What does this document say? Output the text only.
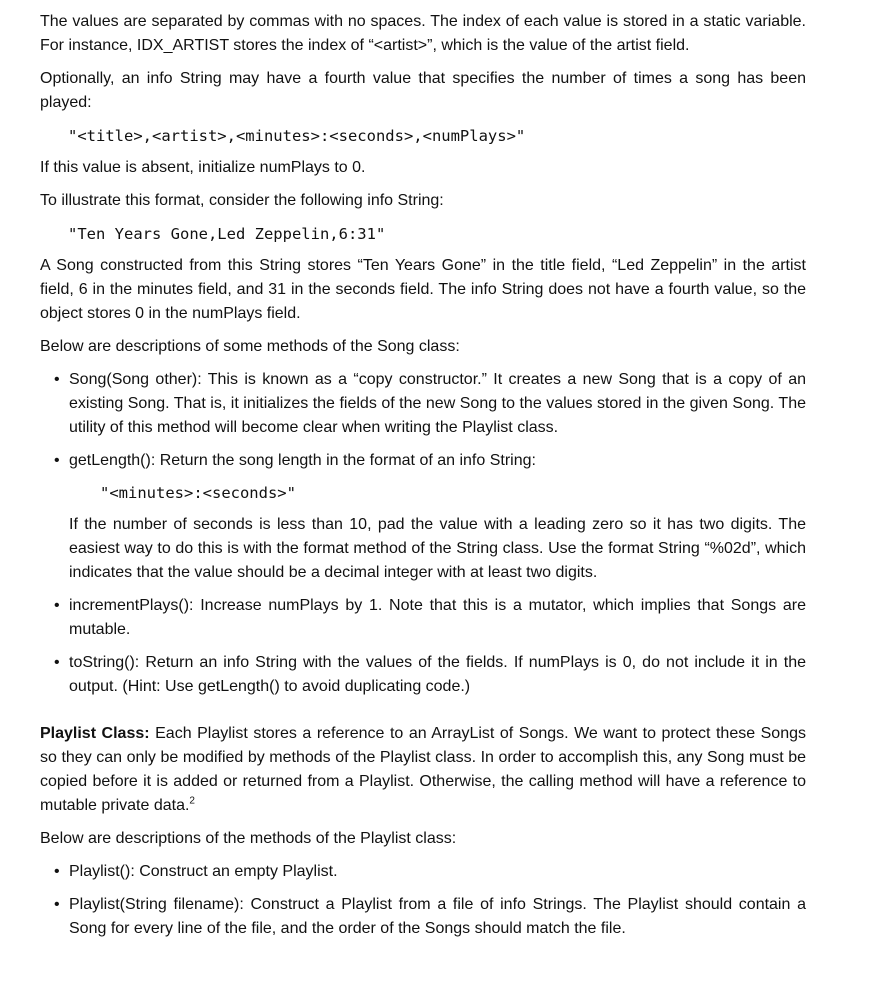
The values are separated by commas with no spaces. The index of each value is stored in a static variable. For instance, IDX_ARTIST stores the index of “<artist>”, which is the value of the artist field.

Optionally, an info String may have a fourth value that specifies the number of times a song has been played:

"<title>,<artist>,<minutes>:<seconds>,<numPlays>"

If this value is absent, initialize numPlays to 0.

To illustrate this format, consider the following info String:

"Ten Years Gone,Led Zeppelin,6:31"

A Song constructed from this String stores “Ten Years Gone” in the title field, “Led Zeppelin” in the artist field, 6 in the minutes field, and 31 in the seconds field. The info String does not have a fourth value, so the object stores 0 in the numPlays field.

Below are descriptions of some methods of the Song class:

• Song(Song other): This is known as a “copy constructor.” It creates a new Song that is a copy of an existing Song. That is, it initializes the fields of the new Song to the values stored in the given Song. The utility of this method will become clear when writing the Playlist class.
• getLength(): Return the song length in the format of an info String:

"<minutes>:<seconds>"

If the number of seconds is less than 10, pad the value with a leading zero so it has two digits. The easiest way to do this is with the format method of the String class. Use the format String “%02d”, which indicates that the value should be a decimal integer with at least two digits.

• incrementPlays(): Increase numPlays by 1. Note that this is a mutator, which implies that Songs are mutable.
• toString(): Return an info String with the values of the fields. If numPlays is 0, do not include it in the output. (Hint: Use getLength() to avoid duplicating code.)

Playlist Class: Each Playlist stores a reference to an ArrayList of Songs. We want to protect these Songs so they can only be modified by methods of the Playlist class. In order to accomplish this, any Song must be copied before it is added or returned from a Playlist. Otherwise, the calling method will have a reference to mutable private data.$^2$

Below are descriptions of the methods of the Playlist class:

• Playlist(): Construct an empty Playlist.
• Playlist(String filename): Construct a Playlist from a file of info Strings. The Playlist should contain a Song for every line of the file, and the order of the Songs should match the file.
